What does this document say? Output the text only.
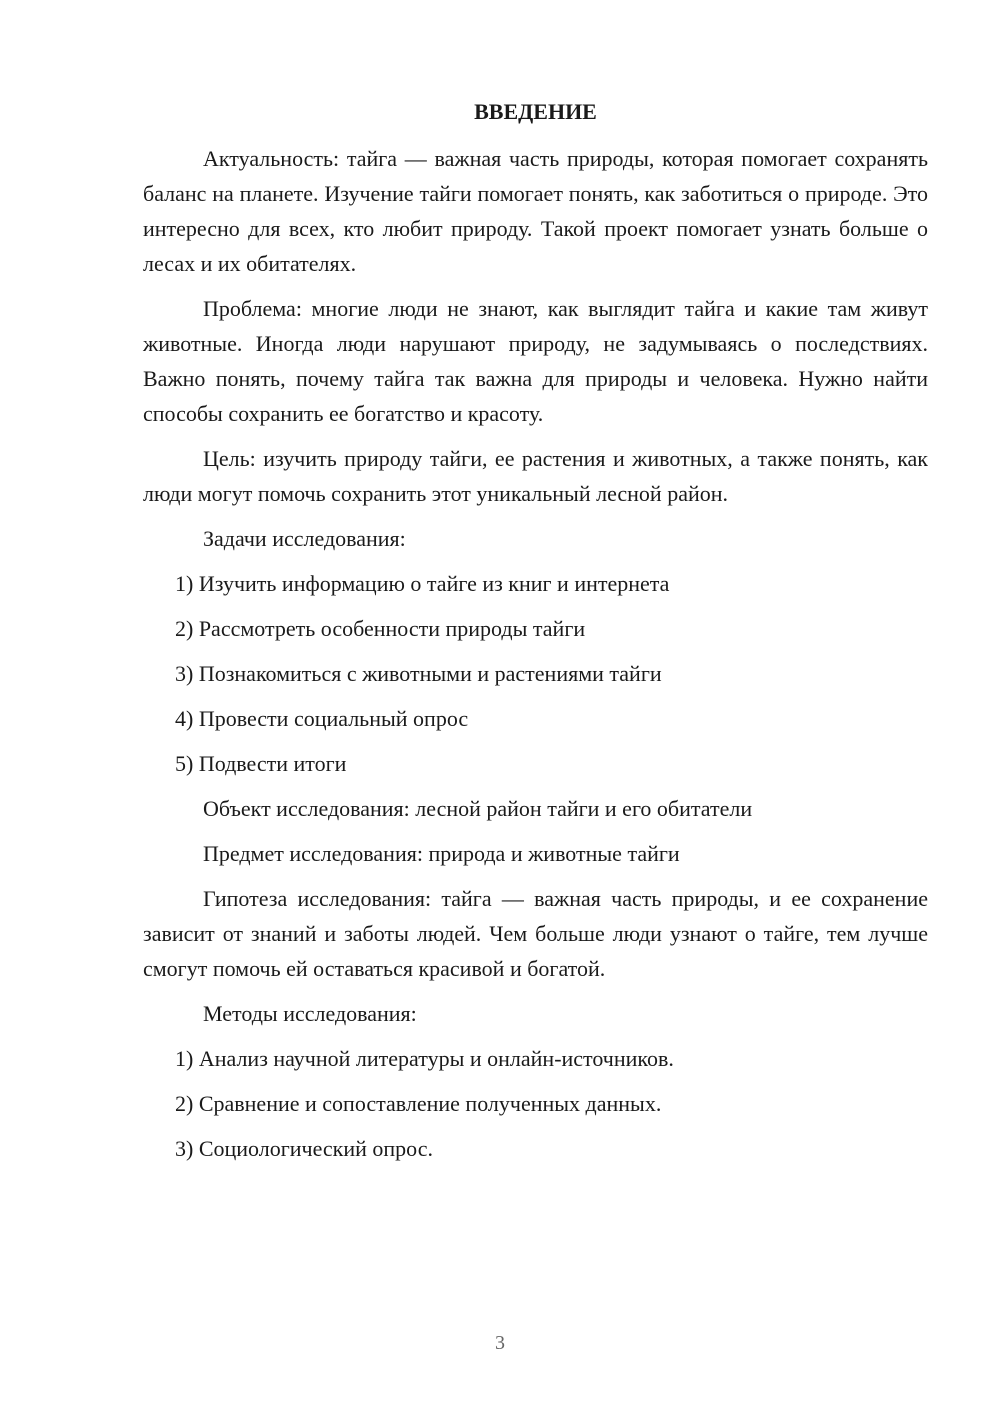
ВВЕДЕНИЕ

Актуальность: тайга — важная часть природы, которая помогает сохранять баланс на планете. Изучение тайги помогает понять, как заботиться о природе. Это интересно для всех, кто любит природу. Такой проект помогает узнать больше о лесах и их обитателях.

Проблема: многие люди не знают, как выглядит тайга и какие там живут животные. Иногда люди нарушают природу, не задумываясь о последствиях. Важно понять, почему тайга так важна для природы и человека. Нужно найти способы сохранить ее богатство и красоту.

Цель: изучить природу тайги, ее растения и животных, а также понять, как люди могут помочь сохранить этот уникальный лесной район.

Задачи исследования:

1) Изучить информацию о тайге из книг и интернета
2) Рассмотреть особенности природы тайги
3) Познакомиться с животными и растениями тайги
4) Провести социальный опрос
5) Подвести итоги

Объект исследования: лесной район тайги и его обитатели

Предмет исследования: природа и животные тайги

Гипотеза исследования: тайга — важная часть природы, и ее сохранение зависит от знаний и заботы людей. Чем больше люди узнают о тайге, тем лучше смогут помочь ей оставаться красивой и богатой.

Методы исследования:

1) Анализ научной литературы и онлайн-источников.
2) Сравнение и сопоставление полученных данных.
3) Социологический опрос.
3
